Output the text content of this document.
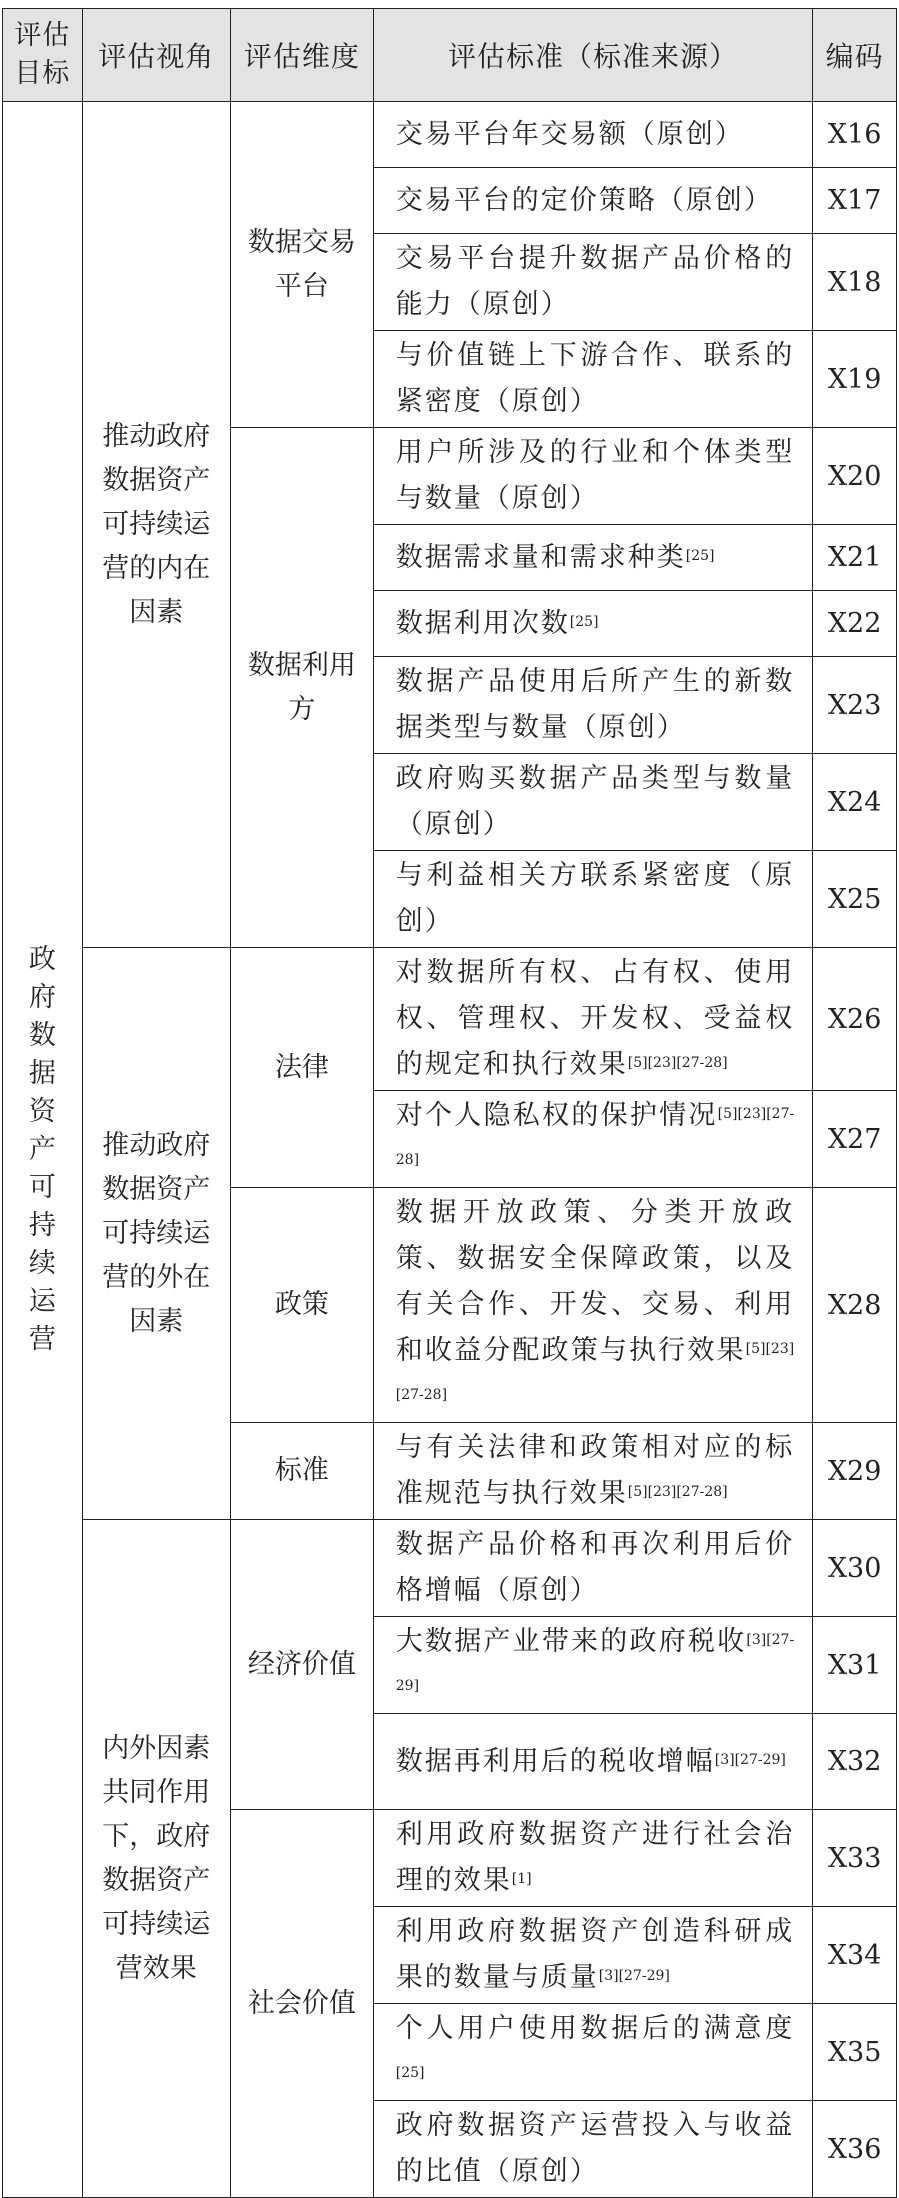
评估目标	评估视角	评估维度	评估标准（标准来源）	编码
政府数据资产可持续运营	推动政府数据资产可持续运营的内在因素	数据交易平台	交易平台年交易额（原创）	X16
			交易平台的定价策略（原创）	X17
			交易平台提升数据产品价格的能力（原创）	X18
			与价值链上下游合作、联系的紧密度（原创）	X19
		数据利用方	用户所涉及的行业和个体类型与数量（原创）	X20
			数据需求量和需求种类[25]	X21
			数据利用次数[25]	X22
			数据产品使用后所产生的新数据类型与数量（原创）	X23
			政府购买数据产品类型与数量（原创）	X24
			与利益相关方联系紧密度（原创）	X25
	推动政府数据资产可持续运营的外在因素	法律	对数据所有权、占有权、使用权、管理权、开发权、受益权的规定和执行效果[5][23][27-28]	X26
			对个人隐私权的保护情况[5][23][27-28]	X27
		政策	数据开放政策、分类开放政策、数据安全保障政策，以及有关合作、开发、交易、利用和收益分配政策与执行效果[5][23][27-28]	X28
		标准	与有关法律和政策相对应的标准规范与执行效果[5][23][27-28]	X29
	内外因素共同作用下，政府数据资产可持续运营效果	经济价值	数据产品价格和再次利用后价格增幅（原创）	X30
			大数据产业带来的政府税收[3][27-29]	X31
			数据再利用后的税收增幅[3][27-29]	X32
		社会价值	利用政府数据资产进行社会治理的效果[1]	X33
			利用政府数据资产创造科研成果的数量与质量[3][27-29]	X34
			个人用户使用数据后的满意度[25]	X35
			政府数据资产运营投入与收益的比值（原创）	X36
